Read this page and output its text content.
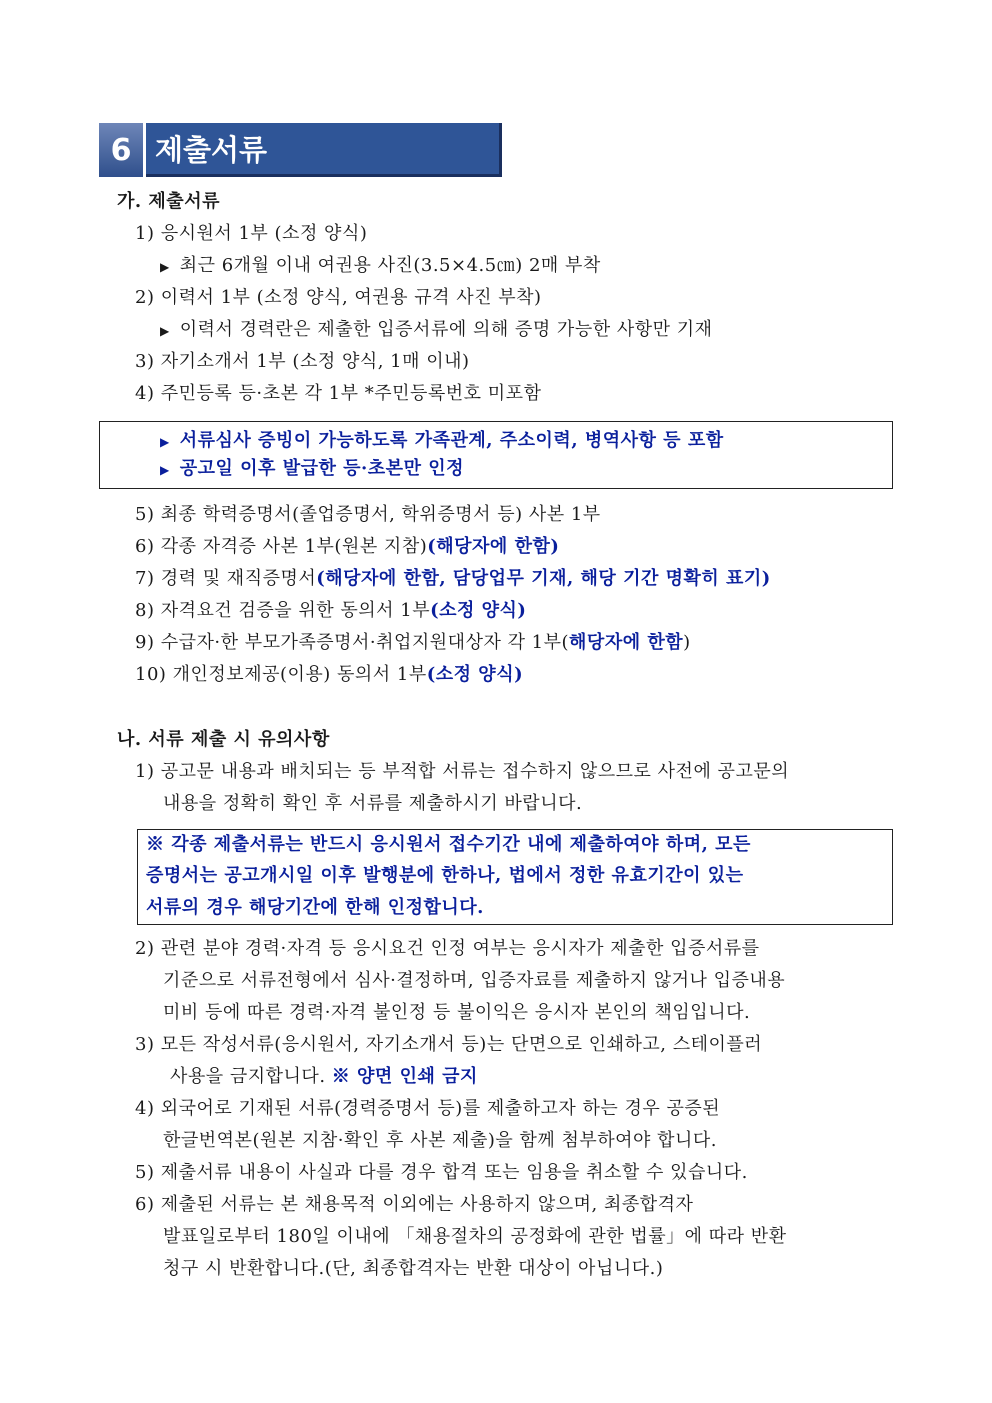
6 제출서류
가. 제출서류
1) 응시원서 1부 (소정 양식)
▶ 최근 6개월 이내 여권용 사진(3.5×4.5㎝) 2매 부착
2) 이력서 1부 (소정 양식, 여권용 규격 사진 부착)
▶ 이력서 경력란은 제출한 입증서류에 의해 증명 가능한 사항만 기재
3) 자기소개서 1부 (소정 양식, 1매 이내)
4) 주민등록 등·초본 각 1부 *주민등록번호 미포함
▶ 서류심사 증빙이 가능하도록 가족관계, 주소이력, 병역사항 등 포함
▶ 공고일 이후 발급한 등·초본만 인정
5) 최종 학력증명서(졸업증명서, 학위증명서 등) 사본 1부
6) 각종 자격증 사본 1부(원본 지참)(해당자에 한함)
7) 경력 및 재직증명서(해당자에 한함, 담당업무 기재, 해당 기간 명확히 표기)
8) 자격요건 검증을 위한 동의서 1부(소정 양식)
9) 수급자·한 부모가족증명서·취업지원대상자 각 1부(해당자에 한함)
10) 개인정보제공(이용) 동의서 1부(소정 양식)
나. 서류 제출 시 유의사항
1) 공고문 내용과 배치되는 등 부적합 서류는 접수하지 않으므로 사전에 공고문의
내용을 정확히 확인 후 서류를 제출하시기 바랍니다.
※ 각종 제출서류는 반드시 응시원서 접수기간 내에 제출하여야 하며, 모든
증명서는 공고개시일 이후 발행분에 한하나, 법에서 정한 유효기간이 있는
서류의 경우 해당기간에 한해 인정합니다.
2) 관련 분야 경력·자격 등 응시요건 인정 여부는 응시자가 제출한 입증서류를
기준으로 서류전형에서 심사·결정하며, 입증자료를 제출하지 않거나 입증내용
미비 등에 따른 경력·자격 불인정 등 불이익은 응시자 본인의 책임입니다.
3) 모든 작성서류(응시원서, 자기소개서 등)는 단면으로 인쇄하고, 스테이플러
사용을 금지합니다. ※ 양면 인쇄 금지
4) 외국어로 기재된 서류(경력증명서 등)를 제출하고자 하는 경우 공증된
한글번역본(원본 지참·확인 후 사본 제출)을 함께 첨부하여야 합니다.
5) 제출서류 내용이 사실과 다를 경우 합격 또는 임용을 취소할 수 있습니다.
6) 제출된 서류는 본 채용목적 이외에는 사용하지 않으며, 최종합격자
발표일로부터 180일 이내에 「채용절차의 공정화에 관한 법률」에 따라 반환
청구 시 반환합니다.(단, 최종합격자는 반환 대상이 아닙니다.)
